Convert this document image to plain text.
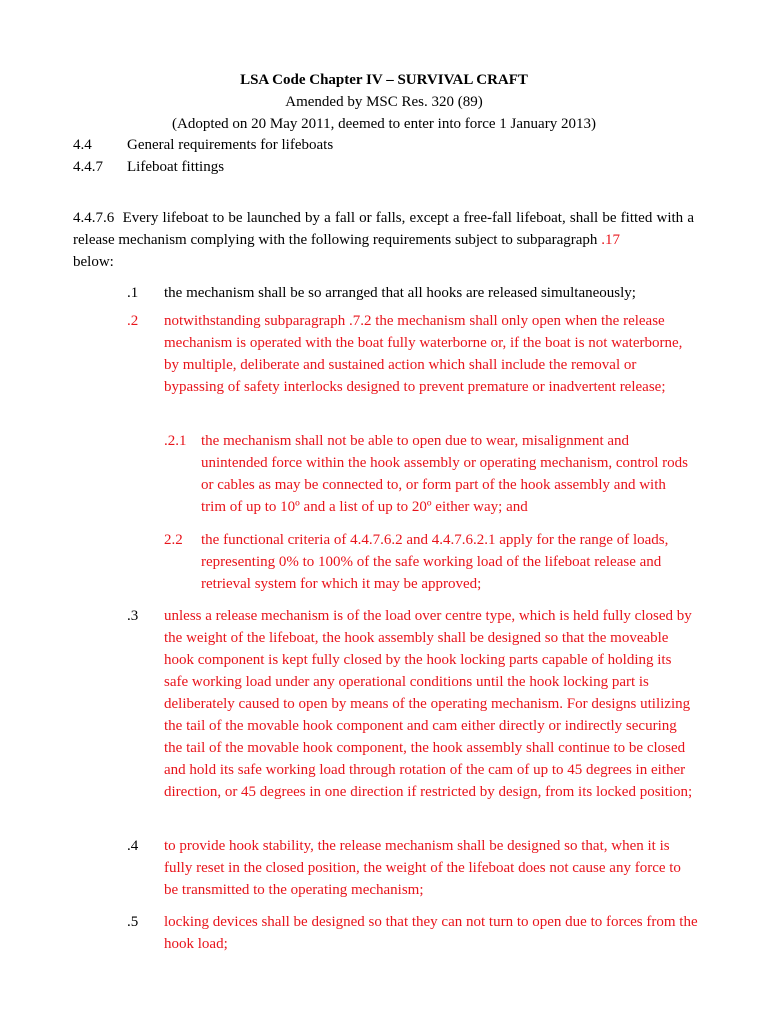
LSA Code Chapter IV – SURVIVAL CRAFT
Amended by MSC Res. 320 (89)
(Adopted on 20 May 2011, deemed to enter into force 1 January 2013)
4.4 General requirements for lifeboats
4.4.7 Lifeboat fittings
4.4.7.6  Every lifeboat to be launched by a fall or falls, except a free-fall lifeboat, shall be fitted with a release mechanism complying with the following requirements subject to subparagraph .17
below:
.1 the mechanism shall be so arranged that all hooks are released simultaneously;
.2 notwithstanding subparagraph .7.2 the mechanism shall only open when the release mechanism is operated with the boat fully waterborne or, if the boat is not waterborne, by multiple, deliberate and sustained action which shall include the removal or bypassing of safety interlocks designed to prevent premature or inadvertent release;
.2.1 the mechanism shall not be able to open due to wear, misalignment and unintended force within the hook assembly or operating mechanism, control rods or cables as may be connected to, or form part of the hook assembly and with trim of up to 10º and a list of up to 20º either way; and
2.2 the functional criteria of 4.4.7.6.2 and 4.4.7.6.2.1 apply for the range of loads, representing 0% to 100% of the safe working load of the lifeboat release and retrieval system for which it may be approved;
.3 unless a release mechanism is of the load over centre type, which is held fully closed by the weight of the lifeboat, the hook assembly shall be designed so that the moveable hook component is kept fully closed by the hook locking parts capable of holding its safe working load under any operational conditions until the hook locking part is deliberately caused to open by means of the operating mechanism. For designs utilizing the tail of the movable hook component and cam either directly or indirectly securing the tail of the movable hook component, the hook assembly shall continue to be closed and hold its safe working load through rotation of the cam of up to 45 degrees in either direction, or 45 degrees in one direction if restricted by design, from its locked position;
.4 to provide hook stability, the release mechanism shall be designed so that, when it is fully reset in the closed position, the weight of the lifeboat does not cause any force to be transmitted to the operating mechanism;
.5 locking devices shall be designed so that they can not turn to open due to forces from the hook load;
